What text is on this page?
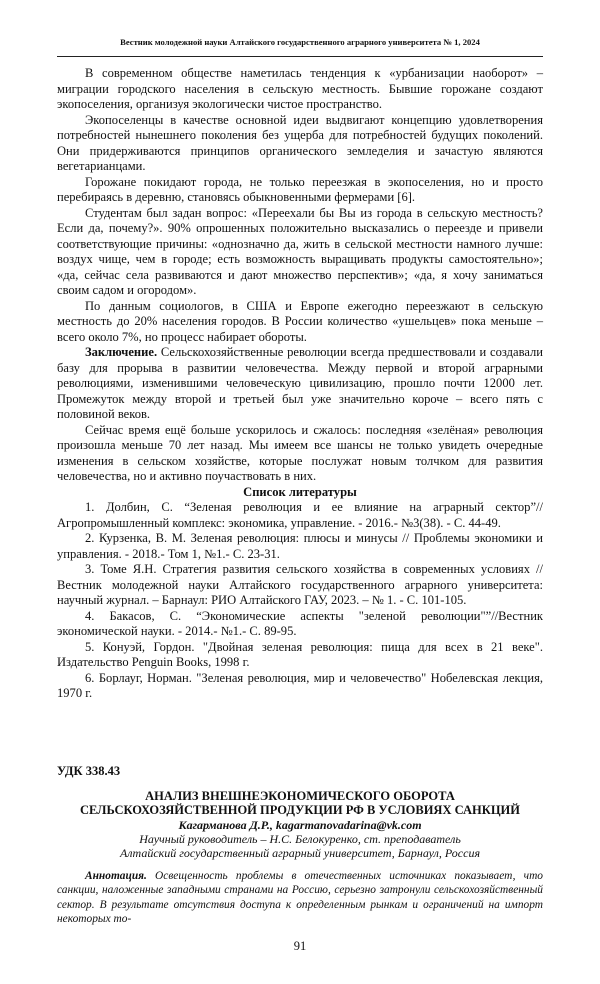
Вестник молодежной науки Алтайского государственного аграрного университета № 1, 2024

В современном обществе наметилась тенденция к «урбанизации наоборот» – миграции городского населения в сельскую местность. Бывшие горожане создают экопоселения, организуя экологически чистое пространство.

Экопоселенцы в качестве основной идеи выдвигают концепцию удовлетворения потребностей нынешнего поколения без ущерба для потребностей будущих поколений. Они придерживаются принципов органического земледелия и зачастую являются вегетарианцами.

Горожане покидают города, не только переезжая в экопоселения, но и просто перебираясь в деревню, становясь обыкновенными фермерами [6].

Студентам был задан вопрос: «Переехали бы Вы из города в сельскую местность? Если да, почему?». 90% опрошенных положительно высказались о переезде и привели соответствующие причины: «однозначно да, жить в сельской местности намного лучше: воздух чище, чем в городе; есть возможность выращивать продукты самостоятельно»; «да, сейчас села развиваются и дают множество перспектив»; «да, я хочу заниматься своим садом и огородом».

По данным социологов, в США и Европе ежегодно переезжают в сельскую местность до 20% населения городов. В России количество «ушельцев» пока меньше – всего около 7%, но процесс набирает обороты.

Заключение. Сельскохозяйственные революции всегда предшествовали и создавали базу для прорыва в развитии человечества. Между первой и второй аграрными революциями, изменившими человеческую цивилизацию, прошло почти 12000 лет. Промежуток между второй и третьей был уже значительно короче – всего пять с половиной веков.

Сейчас время ещё больше ускорилось и сжалось: последняя «зелёная» революция произошла меньше 70 лет назад. Мы имеем все шансы не только увидеть очередные изменения в сельском хозяйстве, которые послужат новым толчком для развития человечества, но и активно поучаствовать в них.

Список литературы

1. Долбин, С. “Зеленая революция и ее влияние на аграрный сектор”// Агропромышленный комплекс: экономика, управление. - 2016.- №3(38). - С. 44-49.

2. Курзенка, В. М. Зеленая революция: плюсы и минусы // Проблемы экономики и управления. - 2018.- Том 1, №1.- С. 23-31.

3. Томе Я.Н. Стратегия развития сельского хозяйства в современных условиях // Вестник молодежной науки Алтайского государственного аграрного университета: научный журнал. – Барнаул: РИО Алтайского ГАУ, 2023. – № 1. - С. 101-105.

4. Бакасов, С. “Экономические аспекты "зеленой революции"”//Вестник экономической науки. - 2014.- №1.- С. 89-95.

5. Конуэй, Гордон. "Двойная зеленая революция: пища для всех в 21 веке". Издательство Penguin Books, 1998 г.

6. Борлауг, Норман. "Зеленая революция, мир и человечество" Нобелевская лекция, 1970 г.

УДК 338.43
АНАЛИЗ ВНЕШНЕЭКОНОМИЧЕСКОГО ОБОРОТА
СЕЛЬСКОХОЗЯЙСТВЕННОЙ ПРОДУКЦИИ РФ В УСЛОВИЯХ САНКЦИЙ

Кагарманова Д.Р., kagarmanovadarina@vk.com

Научный руководитель – Н.С. Белокуренко, ст. преподаватель

Алтайский государственный аграрный университет, Барнаул, Россия

Аннотация. Освещенность проблемы в отечественных источниках показывает, что санкции, наложенные западными странами на Россию, серьезно затронули сельскохозяйственный сектор. В результате отсутствия доступа к определенным рынкам и ограничений на импорт некоторых то-

91
